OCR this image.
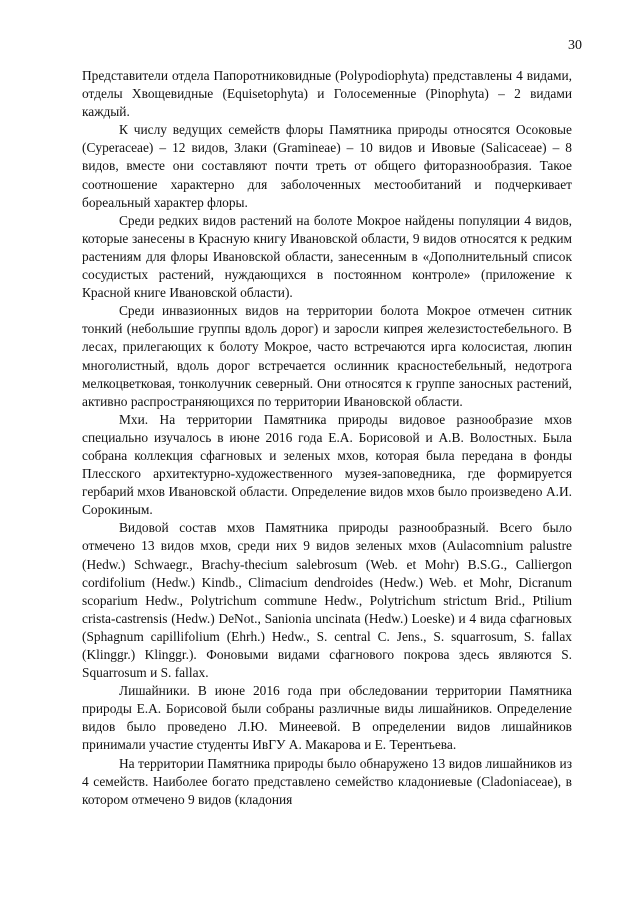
30

Представители отдела Папоротниковидные (Polypodiophyta) представлены 4 видами, отделы Хвощевидные (Equisetophyta) и Голосеменные (Pinophyta) – 2 видами каждый.

К числу ведущих семейств флоры Памятника природы относятся Осоковые (Cyperaceae) – 12 видов, Злаки (Gramineae) – 10 видов и Ивовые (Salicaceae) – 8 видов, вместе они составляют почти треть от общего фиторазнообразия. Такое соотношение характерно для заболоченных местообитаний и подчеркивает бореальный характер флоры.

Среди редких видов растений на болоте Мокрое найдены популяции 4 видов, которые занесены в Красную книгу Ивановской области, 9 видов относятся к редким растениям для флоры Ивановской области, занесенным в «Дополнительный список сосудистых растений, нуждающихся в постоянном контроле» (приложение к Красной книге Ивановской области).

Среди инвазионных видов на территории болота Мокрое отмечен ситник тонкий (небольшие группы вдоль дорог) и заросли кипрея железистостебельного. В лесах, прилегающих к болоту Мокрое, часто встречаются ирга колосистая, люпин многолистный, вдоль дорог встречается ослинник красностебельный, недотрога мелкоцветковая, тонколучник северный. Они относятся к группе заносных растений, активно распространяющихся по территории Ивановской области.

Мхи. На территории Памятника природы видовое разнообразие мхов специально изучалось в июне 2016 года Е.А. Борисовой и А.В. Волостных. Была собрана коллекция сфагновых и зеленых мхов, которая была передана в фонды Плесского архитектурно-художественного музея-заповедника, где формируется гербарий мхов Ивановской области. Определение видов мхов было произведено А.И. Сорокиным.

Видовой состав мхов Памятника природы разнообразный. Всего было отмечено 13 видов мхов, среди них 9 видов зеленых мхов (Aulacomnium palustre (Hedw.) Schwaegr., Brachy-thecium salebrosum (Web. et Mohr) B.S.G., Calliergon cordifolium (Hedw.) Kindb., Climacium dendroides (Hedw.) Web. et Mohr, Dicranum scoparium Hedw., Polytrichum commune Hedw., Polytrichum strictum Brid., Ptilium crista-castrensis (Hedw.) DeNot., Sanionia uncinata (Hedw.) Loeske) и 4 вида сфагновых (Sphagnum capillifolium (Ehrh.) Hedw., S. central C. Jens., S. squarrosum, S. fallax (Klinggr.) Klinggr.). Фоновыми видами сфагнового покрова здесь являются S. Squarrosum и S. fallax.

Лишайники. В июне 2016 года при обследовании территории Памятника природы Е.А. Борисовой были собраны различные виды лишайников. Определение видов было проведено Л.Ю. Минеевой. В определении видов лишайников принимали участие студенты ИвГУ А. Макарова и Е. Терентьева.

На территории Памятника природы было обнаружено 13 видов лишайников из 4 семейств. Наиболее богато представлено семейство кладониевые (Cladoniaceae), в котором отмечено 9 видов (кладония
